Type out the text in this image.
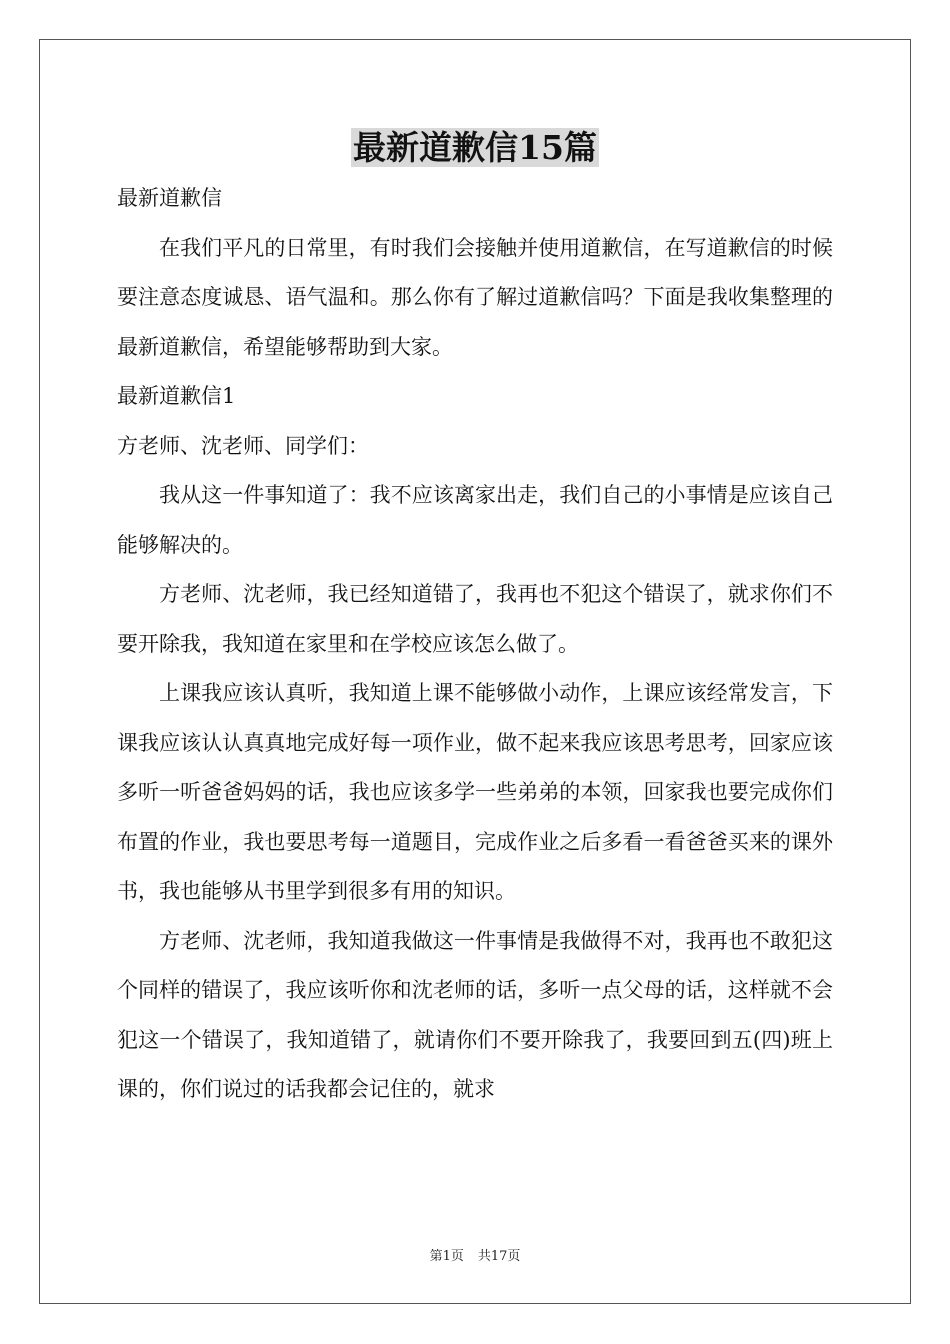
最新道歉信15篇

最新道歉信

在我们平凡的日常里，有时我们会接触并使用道歉信，在写道歉信的时候要注意态度诚恳、语气温和。那么你有了解过道歉信吗？下面是我收集整理的最新道歉信，希望能够帮助到大家。

最新道歉信1

方老师、沈老师、同学们：

我从这一件事知道了：我不应该离家出走，我们自己的小事情是应该自己能够解决的。

方老师、沈老师，我已经知道错了，我再也不犯这个错误了，就求你们不要开除我，我知道在家里和在学校应该怎么做了。

上课我应该认真听，我知道上课不能够做小动作，上课应该经常发言，下课我应该认认真真地完成好每一项作业，做不起来我应该思考思考，回家应该多听一听爸爸妈妈的话，我也应该多学一些弟弟的本领，回家我也要完成你们布置的作业，我也要思考每一道题目，完成作业之后多看一看爸爸买来的课外书，我也能够从书里学到很多有用的知识。

方老师、沈老师，我知道我做这一件事情是我做得不对，我再也不敢犯这个同样的错误了，我应该听你和沈老师的话，多听一点父母的话，这样就不会犯这一个错误了，我知道错了，就请你们不要开除我了，我要回到五(四)班上课的，你们说过的话我都会记住的，就求

第1页 共17页
